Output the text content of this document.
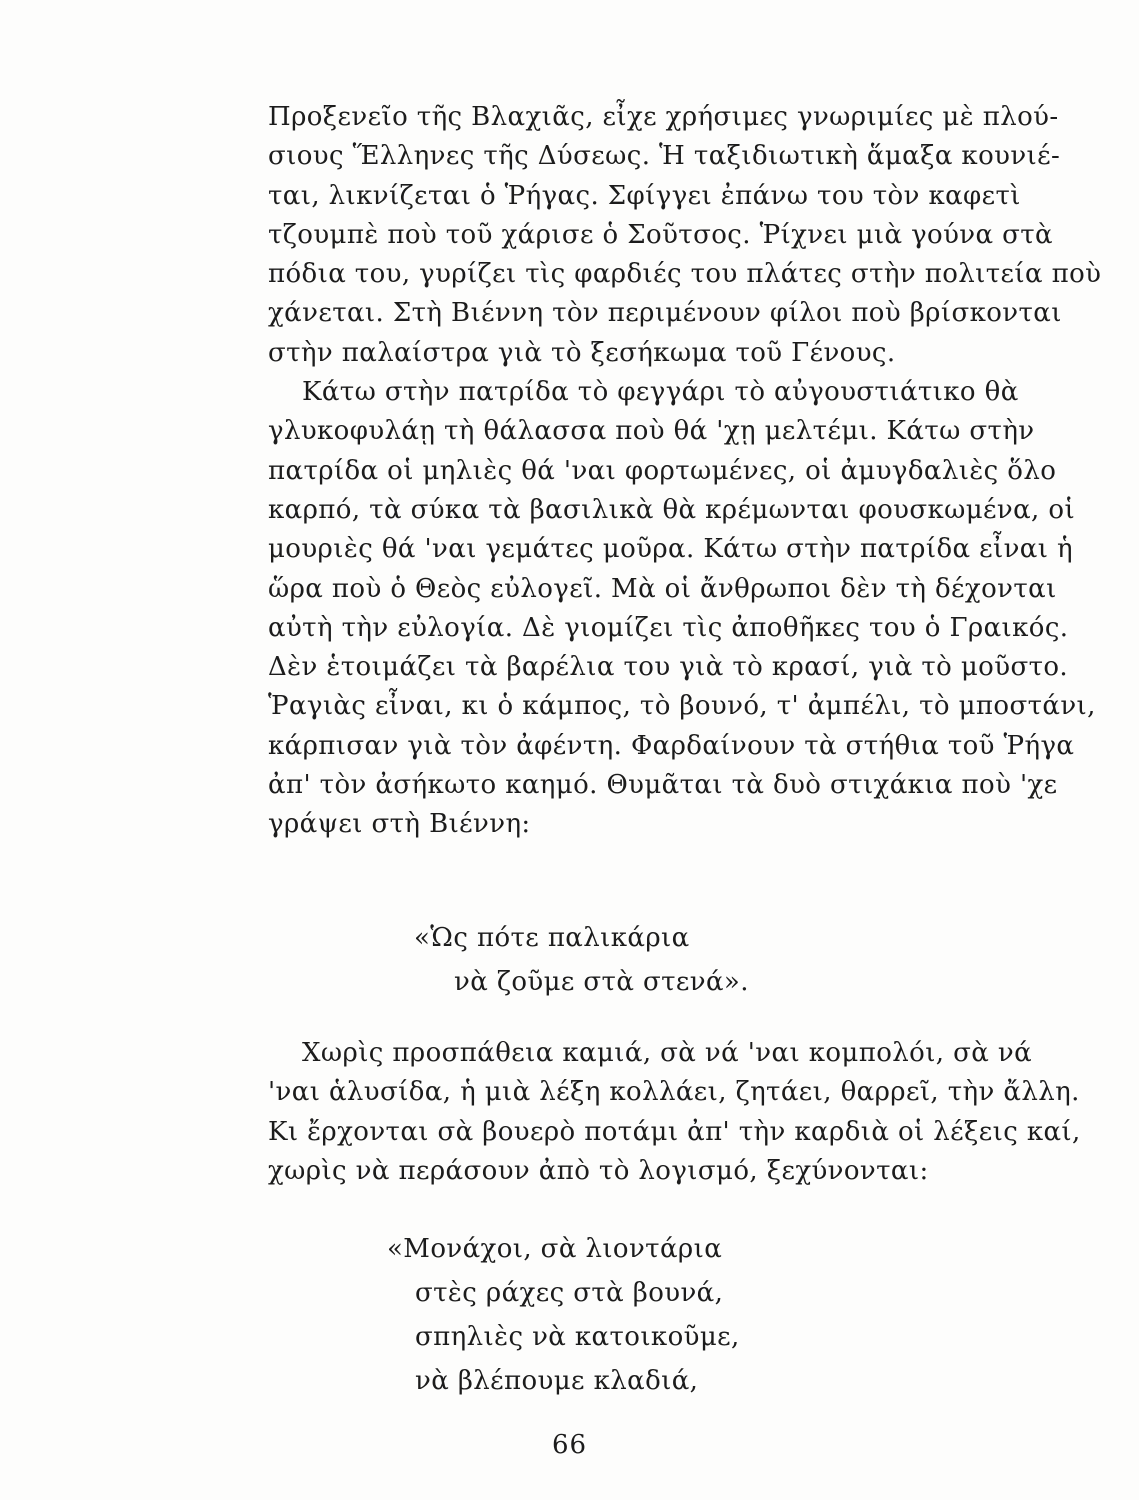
Προξενεῖο τῆς Βλαχιᾶς, εἶχε χρήσιμες γνωριμίες μὲ πλού-
σιους Ἕλληνες τῆς Δύσεως. Ἡ ταξιδιωτικὴ ἅμαξα κουνιέ-
ται, λικνίζεται ὁ Ῥήγας. Σφίγγει ἐπάνω του τὸν καφετὶ
τζουμπὲ ποὺ τοῦ χάρισε ὁ Σοῦτσος. Ῥίχνει μιὰ γούνα στὰ
πόδια του, γυρίζει τὶς φαρδιές του πλάτες στὴν πολιτεία ποὺ
χάνεται. Στὴ Βιέννη τὸν περιμένουν φίλοι ποὺ βρίσκονται
στὴν παλαίστρα γιὰ τὸ ξεσήκωμα τοῦ Γένους.
Κάτω στὴν πατρίδα τὸ φεγγάρι τὸ αὐγουστιάτικο θὰ
γλυκοφυλάῃ τὴ θάλασσα ποὺ θά 'χῃ μελτέμι. Κάτω στὴν
πατρίδα οἱ μηλιὲς θά 'ναι φορτωμένες, οἱ ἀμυγδαλιὲς ὅλο
καρπό, τὰ σύκα τὰ βασιλικὰ θὰ κρέμωνται φουσκωμένα, οἱ
μουριὲς θά 'ναι γεμάτες μοῦρα. Κάτω στὴν πατρίδα εἶναι ἡ
ὥρα ποὺ ὁ Θεὸς εὐλογεῖ. Μὰ οἱ ἄνθρωποι δὲν τὴ δέχονται
αὐτὴ τὴν εὐλογία. Δὲ γιομίζει τὶς ἀποθῆκες του ὁ Γραικός.
Δὲν ἑτοιμάζει τὰ βαρέλια του γιὰ τὸ κρασί, γιὰ τὸ μοῦστο.
Ῥαγιὰς εἶναι, κι ὁ κάμπος, τὸ βουνό, τ' ἀμπέλι, τὸ μποστάνι,
κάρπισαν γιὰ τὸν ἀφέντη. Φαρδαίνουν τὰ στήθια τοῦ Ῥήγα
ἀπ' τὸν ἀσήκωτο καημό. Θυμᾶται τὰ δυὸ στιχάκια ποὺ 'χε
γράψει στὴ Βιέννη:
«Ὡς πότε παλικάρια
νὰ ζοῦμε στὰ στενά».
Χωρὶς προσπάθεια καμιά, σὰ νά 'ναι κομπολόι, σὰ νά
'ναι ἁλυσίδα, ἡ μιὰ λέξη κολλάει, ζητάει, θαρρεῖ, τὴν ἄλλη.
Κι ἔρχονται σὰ βουερὸ ποτάμι ἀπ' τὴν καρδιὰ οἱ λέξεις καί,
χωρὶς νὰ περάσουν ἀπὸ τὸ λογισμό, ξεχύνονται:
«Μονάχοι, σὰ λιοντάρια
στὲς ράχες στὰ βουνά,
σπηλιὲς νὰ κατοικοῦμε,
νὰ βλέπουμε κλαδιά,
66
